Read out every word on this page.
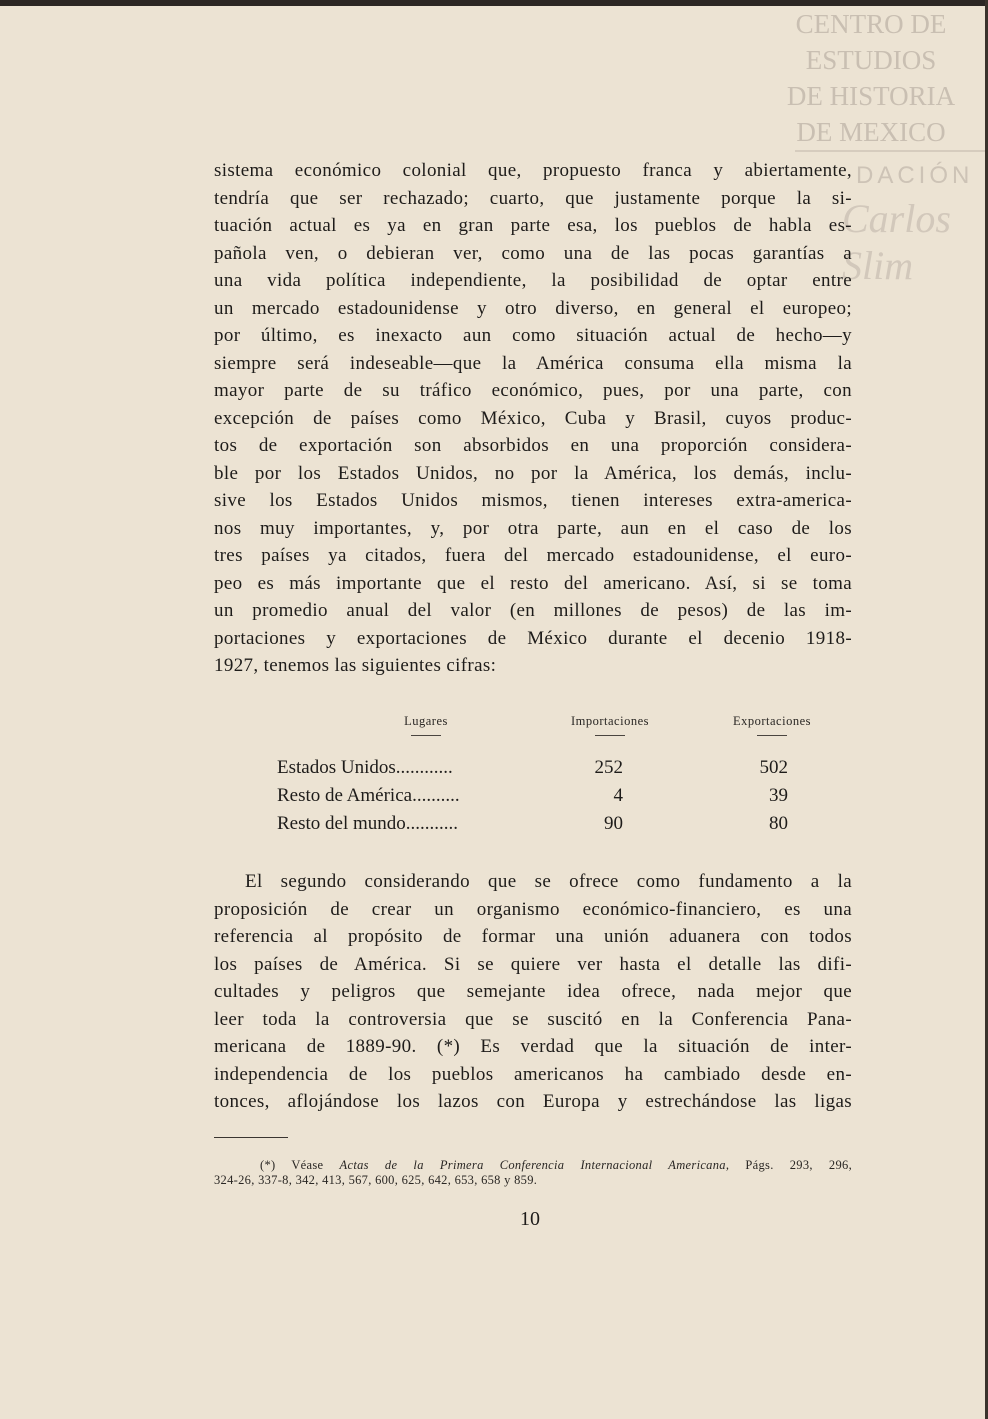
CENTRO DE
ESTUDIOS
DE HISTORIA
DE MEXICO
DACIÓN
Carlos Slim
sistema económico colonial que, propuesto franca y abiertamente,
tendría que ser rechazado; cuarto, que justamente porque la si-
tuación actual es ya en gran parte esa, los pueblos de habla es-
pañola ven, o debieran ver, como una de las pocas garantías a
una vida política independiente, la posibilidad de optar entre
un mercado estadounidense y otro diverso, en general el europeo;
por último, es inexacto aun como situación actual de hecho—y
siempre será indeseable—que la América consuma ella misma la
mayor parte de su tráfico económico, pues, por una parte, con
excepción de países como México, Cuba y Brasil, cuyos produc-
tos de exportación son absorbidos en una proporción considera-
ble por los Estados Unidos, no por la América, los demás, inclu-
sive los Estados Unidos mismos, tienen intereses extra-america-
nos muy importantes, y, por otra parte, aun en el caso de los
tres países ya citados, fuera del mercado estadounidense, el euro-
peo es más importante que el resto del americano. Así, si se toma
un promedio anual del valor (en millones de pesos) de las im-
portaciones y exportaciones de México durante el decenio 1918-
1927, tenemos las siguientes cifras:
Lugares	Importaciones	Exportaciones
Estados Unidos............	252	502
Resto de América..........	4	39
Resto del mundo...........	90	80
El segundo considerando que se ofrece como fundamento a la
proposición de crear un organismo económico-financiero, es una
referencia al propósito de formar una unión aduanera con todos
los países de América. Si se quiere ver hasta el detalle las difi-
cultades y peligros que semejante idea ofrece, nada mejor que
leer toda la controversia que se suscitó en la Conferencia Pana-
mericana de 1889-90. (*) Es verdad que la situación de inter-
independencia de los pueblos americanos ha cambiado desde en-
tonces, aflojándose los lazos con Europa y estrechándose las ligas
(*) Véase Actas de la Primera Conferencia Internacional Americana, Págs. 293, 296,
324-26, 337-8, 342, 413, 567, 600, 625, 642, 653, 658 y 859.
10
